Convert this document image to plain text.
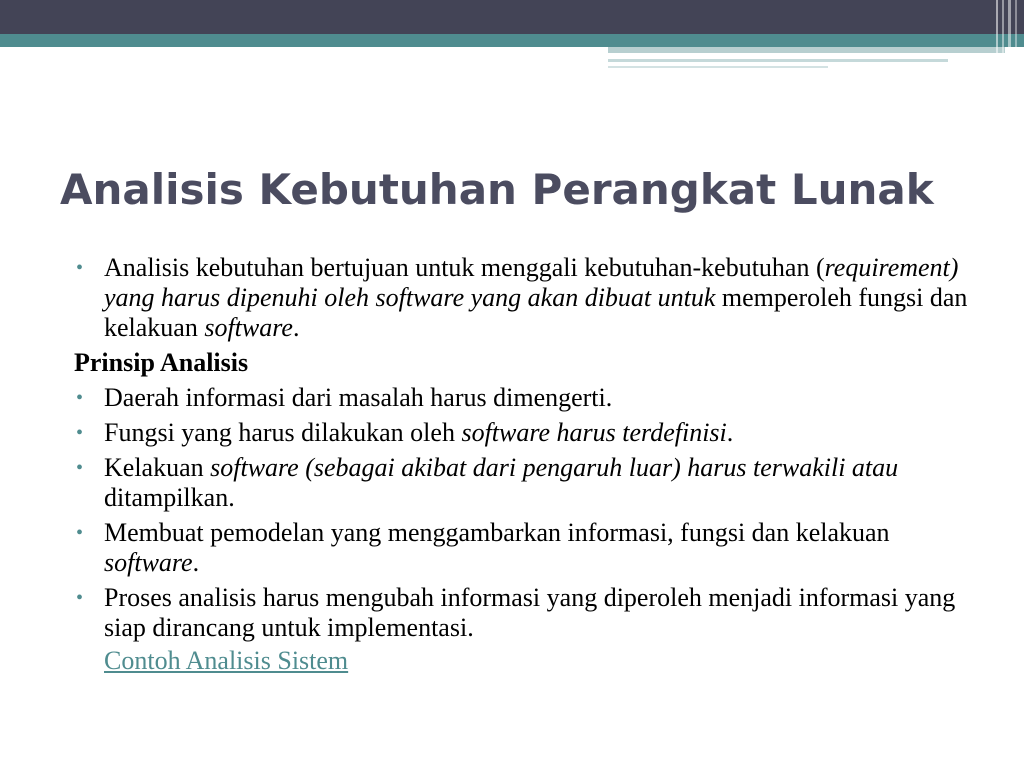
Analisis Kebutuhan Perangkat Lunak
• Analisis kebutuhan bertujuan untuk menggali kebutuhan-kebutuhan (requirement) yang harus dipenuhi oleh software yang akan dibuat untuk memperoleh fungsi dan kelakuan software.
Prinsip Analisis
• Daerah informasi dari masalah harus dimengerti.
• Fungsi yang harus dilakukan oleh software harus terdefinisi.
• Kelakuan software (sebagai akibat dari pengaruh luar) harus terwakili atau ditampilkan.
• Membuat pemodelan yang menggambarkan informasi, fungsi dan kelakuan software.
• Proses analisis harus mengubah informasi yang diperoleh menjadi informasi yang siap dirancang untuk implementasi.
Contoh Analisis Sistem
